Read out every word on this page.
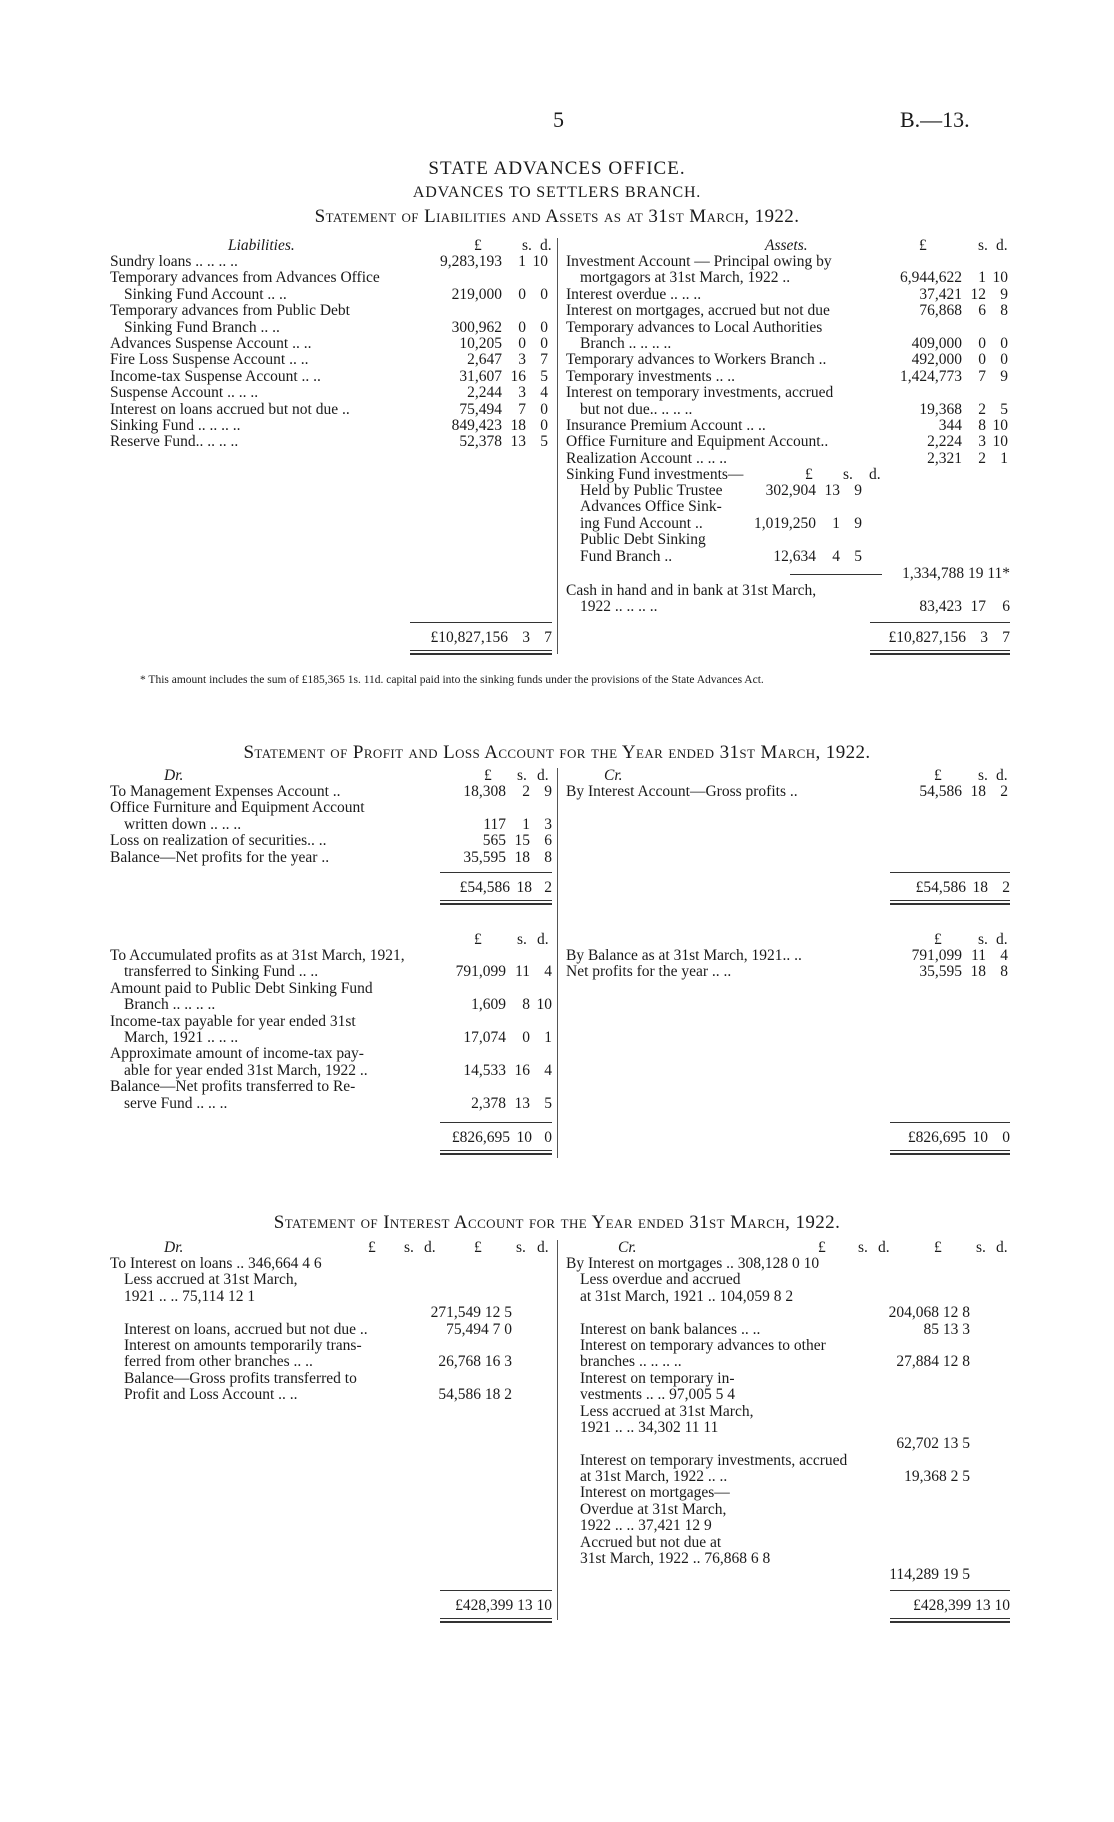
5	B.—13.
STATE ADVANCES OFFICE.
ADVANCES TO SETTLERS BRANCH.
Statement of Liabilities and Assets as at 31st March, 1922.
Liabilities.	Assets.
£	s. d.	£	s. d.
Sundry loans .. .. .. ..	9,283,193	1 10
Temporary advances from Advances Office
Sinking Fund Account .. ..	219,000	0 0
Temporary advances from Public Debt
Sinking Fund Branch .. ..	300,962	0 0
Advances Suspense Account .. ..	10,205	0 0
Fire Loss Suspense Account .. ..	2,647	3 7
Income-tax Suspense Account .. ..	31,607 16 5
Suspense Account .. .. ..	2,244	3 4
Interest on loans accrued but not due ..	75,494	7 0
Sinking Fund .. .. .. ..	849,423 18 0
Reserve Fund.. .. .. ..	52,378 13 5
Investment Account — Principal owing by
mortgagors at 31st March, 1922 ..	6,944,622	1 10
Interest overdue .. .. ..	37,421 12 9
Interest on mortgages, accrued but not due	76,868	6 8
Temporary advances to Local Authorities
Branch .. .. .. ..	409,000	0 0
Temporary advances to Workers Branch ..	492,000	0 0
Temporary investments .. ..	1,424,773	7 9
Interest on temporary investments, accrued
but not due.. .. .. ..	19,368	2 5
Insurance Premium Account .. ..	344	8 10
Office Furniture and Equipment Account..	2,224	3 10
Realization Account .. .. ..	2,321	2 1
Sinking Fund investments—	£ s. d.
Held by Public Trustee	302,904 13 9
Advances Office Sink-
ing Fund Account ..	1,019,250	1 9
Public Debt Sinking
Fund Branch ..	12,634	4 5
1,334,788 19 11*
Cash in hand and in bank at 31st March,
1922 .. .. .. ..	83,423 17	6
£10,827,156 3 7	£10,827,156 3 7
* This amount includes the sum of £185,365 1s. 11d. capital paid into the sinking funds under the provisions of the State Advances Act.
Statement of Profit and Loss Account for the Year ended 31st March, 1922.
Dr.	Cr.
£ s. d.	£ s. d.
To Management Expenses Account ..	18,308	2 9
Office Furniture and Equipment Account
written down .. .. ..	117	1 3
Loss on realization of securities.. ..	565 15 6
Balance—Net profits for the year ..	35,595 18 8
By Interest Account—Gross profits ..	54,586 18 2
£54,586 18 2	£54,586 18 2
£ s. d.	£ s. d.
To Accumulated profits as at 31st March, 1921,
transferred to Sinking Fund .. ..	791,099 11 4
Amount paid to Public Debt Sinking Fund
Branch .. .. .. ..	1,609	8 10
Income-tax payable for year ended 31st
March, 1921 .. .. ..	17,074	0 1
Approximate amount of income-tax pay-
able for year ended 31st March, 1922 ..	14,533 16 4
Balance—Net profits transferred to Re-
serve Fund .. .. ..	2,378 13 5
By Balance as at 31st March, 1921.. ..	791,099 11 4
Net profits for the year .. ..	35,595 18 8
£826,695 10 0	£826,695 10 0
Statement of Interest Account for the Year ended 31st March, 1922.
Dr.	Cr.
£ s. d. £ s. d.	£ s. d.	£ s. d.
To Interest on loans .. 346,664 4 6
Less accrued at 31st March,
1921 .. .. 75,114 12 1
271,549 12 5
Interest on loans, accrued but not due ..	75,494 7 0
Interest on amounts temporarily trans-
ferred from other branches .. ..	26,768 16 3
Balance—Gross profits transferred to
Profit and Loss Account .. ..	54,586 18 2
By Interest on mortgages .. 308,128 0 10
Less overdue and accrued
at 31st March, 1921 .. 104,059 8 2
204,068 12 8
Interest on bank balances .. ..	85 13 3
Interest on temporary advances to other
branches .. .. .. ..	27,884 12 8
Interest on temporary in-
vestments .. .. 97,005 5 4
Less accrued at 31st March,
1921 .. .. 34,302 11 11
62,702 13 5
Interest on temporary investments, accrued
at 31st March, 1922 .. ..	19,368 2 5
Interest on mortgages—
Overdue at 31st March,
1922 .. .. 37,421 12 9
Accrued but not due at
31st March, 1922 .. 76,868 6 8
114,289 19 5
£428,399 13 10	£428,399 13 10
